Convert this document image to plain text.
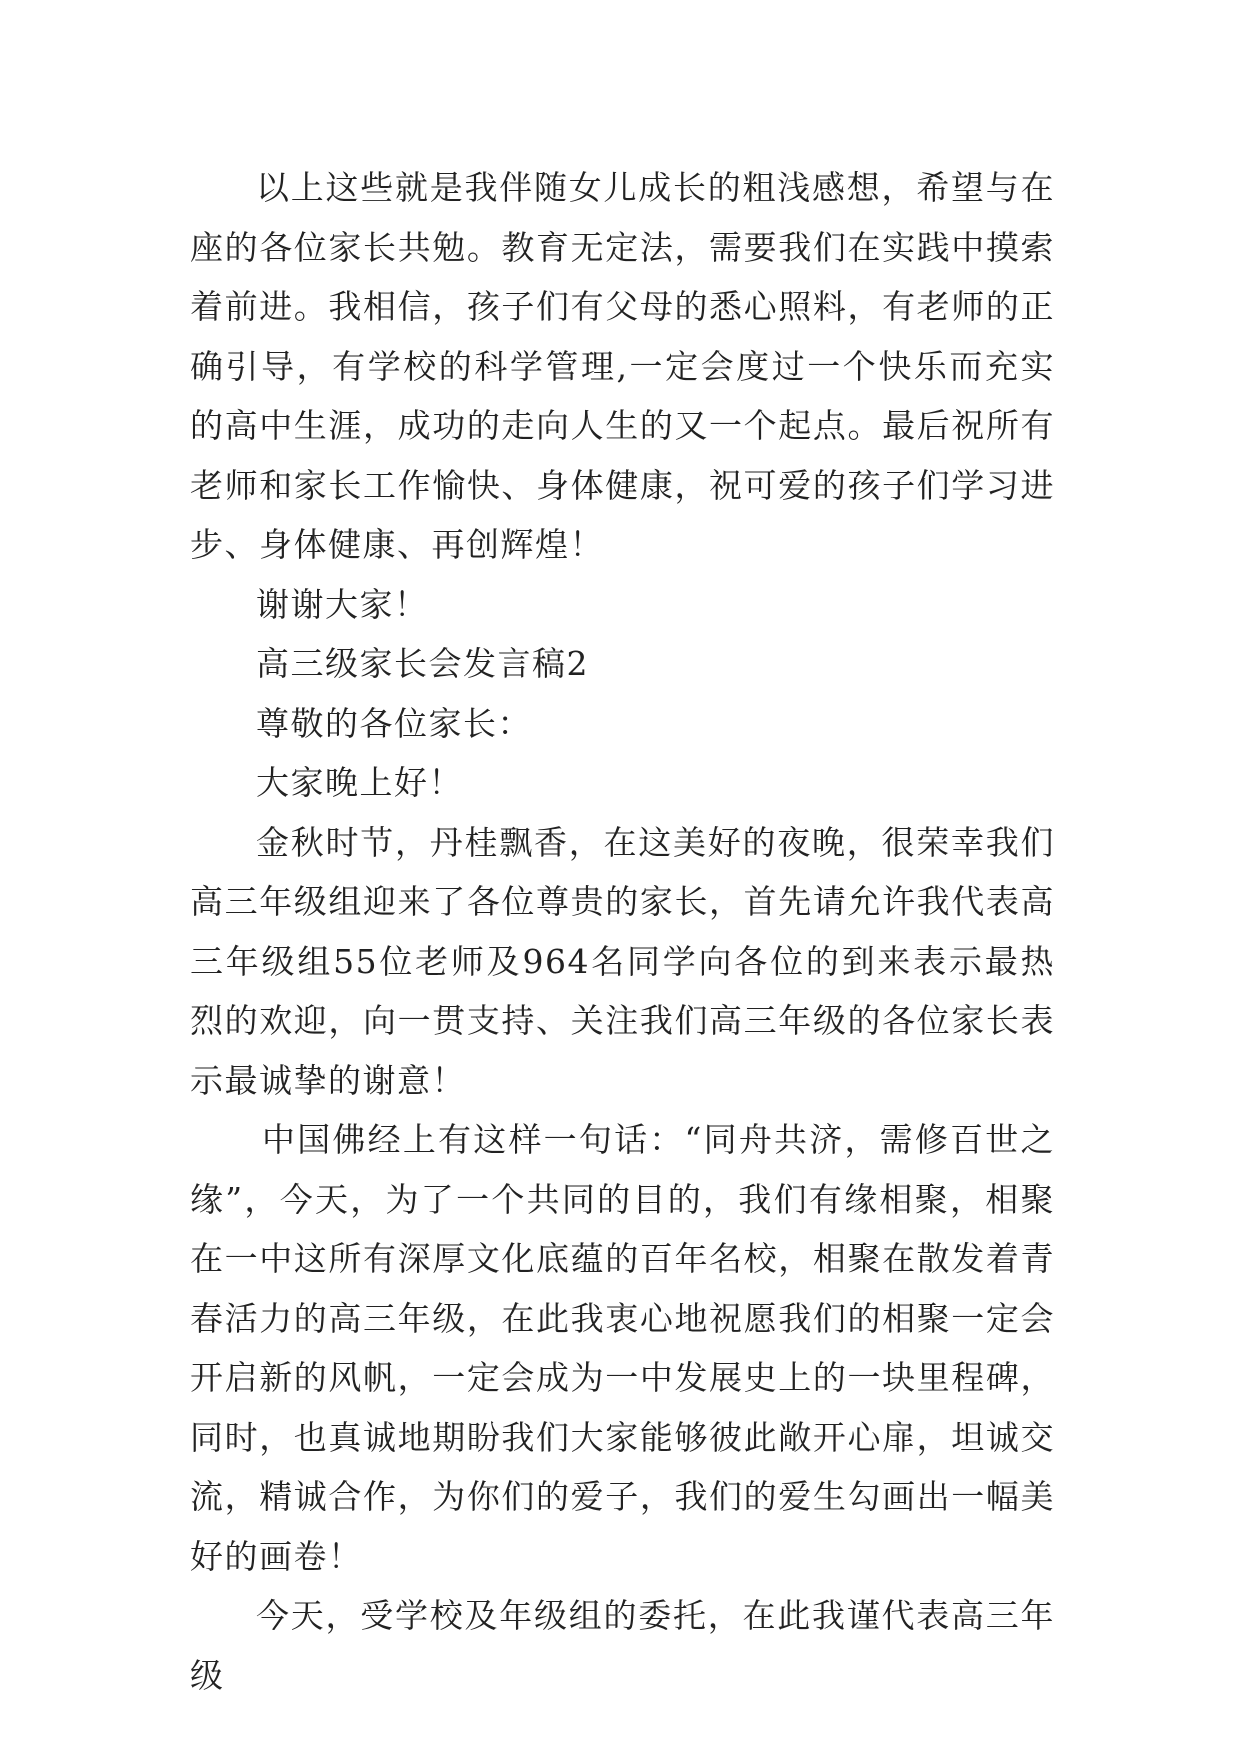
以上这些就是我伴随女儿成长的粗浅感想，希望与在座的各位家长共勉。教育无定法，需要我们在实践中摸索着前进。我相信，孩子们有父母的悉心照料，有老师的正确引导，有学校的科学管理,一定会度过一个快乐而充实的高中生涯，成功的走向人生的又一个起点。最后祝所有老师和家长工作愉快、身体健康，祝可爱的孩子们学习进步、身体健康、再创辉煌！

谢谢大家！

高三级家长会发言稿2

尊敬的各位家长：

大家晚上好！

金秋时节，丹桂飘香，在这美好的夜晚，很荣幸我们高三年级组迎来了各位尊贵的家长，首先请允许我代表高三年级组55位老师及964名同学向各位的到来表示最热烈的欢迎，向一贯支持、关注我们高三年级的各位家长表示最诚挚的谢意！

中国佛经上有这样一句话：“同舟共济，需修百世之缘”，今天，为了一个共同的目的，我们有缘相聚，相聚在一中这所有深厚文化底蕴的百年名校，相聚在散发着青春活力的高三年级，在此我衷心地祝愿我们的相聚一定会开启新的风帆，一定会成为一中发展史上的一块里程碑，同时，也真诚地期盼我们大家能够彼此敞开心扉，坦诚交流，精诚合作，为你们的爱子，我们的爱生勾画出一幅美好的画卷！

今天，受学校及年级组的委托，在此我谨代表高三年级
